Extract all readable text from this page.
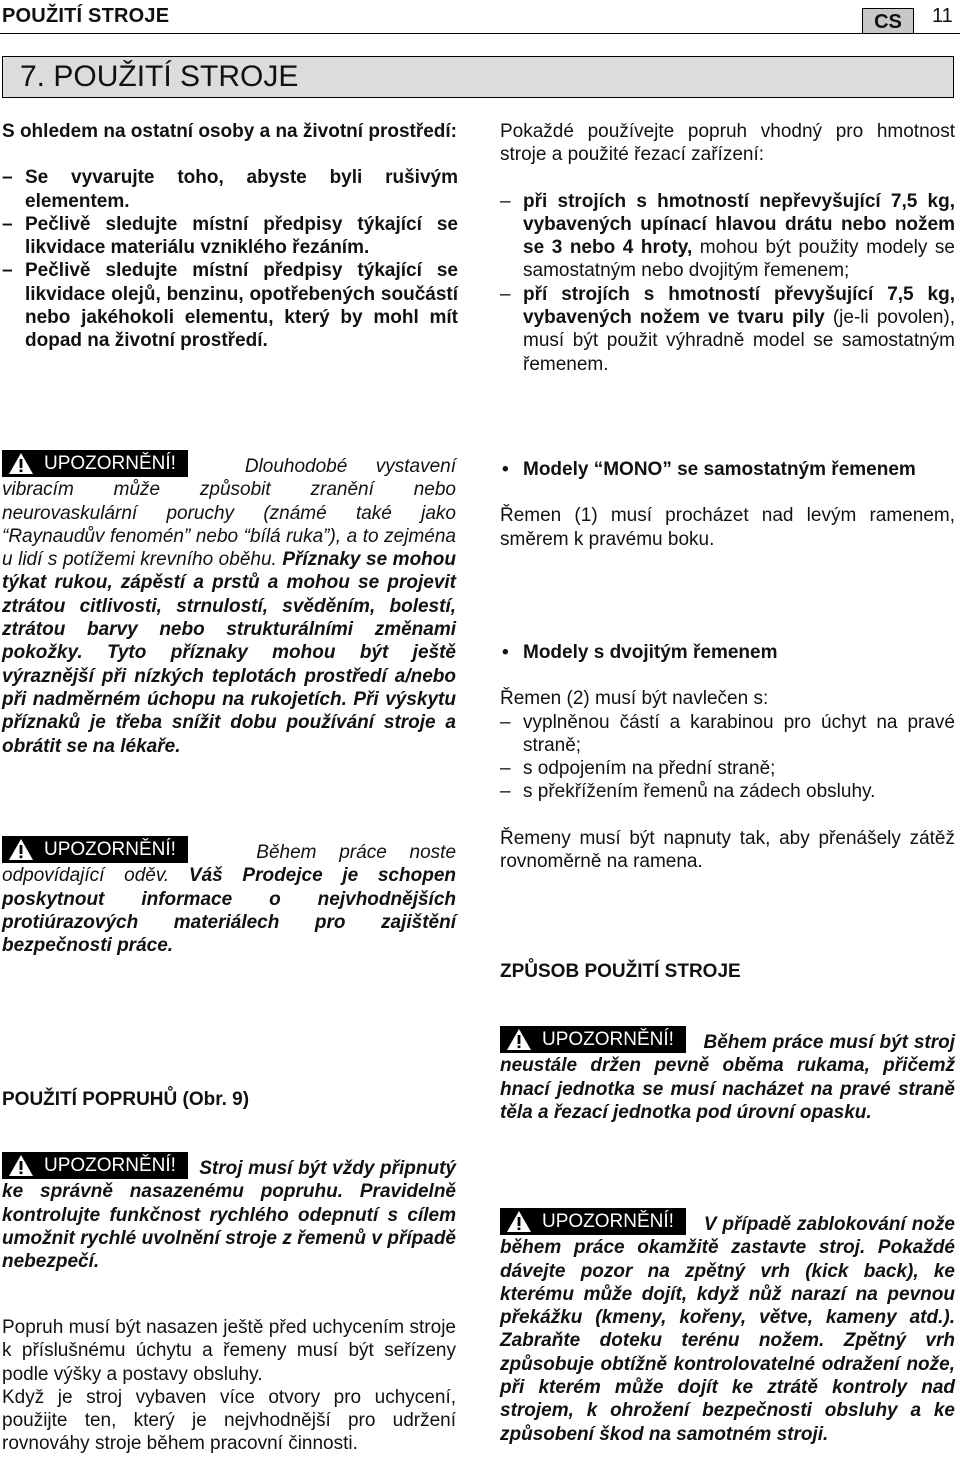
POUŽITÍ STROJE	CS	11
7. POUŽITÍ STROJE

S ohledem na ostatní osoby a na životní prostředí:

– Se vyvarujte toho, abyste byli rušivým elementem.

– Pečlivě sledujte místní předpisy týkající se likvidace materiálu vzniklého řezáním.

– Pečlivě sledujte místní předpisy týkající se likvidace olejů, benzinu, opotřebených součástí nebo jakéhokoli elementu, který by mohl mít dopad na životní prostředí.

Pokaždé používejte popruh vhodný pro hmotnost stroje a použité řezací zařízení:

– při strojích s hmotností nepřevyšující 7,5 kg, vybavených upínací hlavou drátu nebo nožem se 3 nebo 4 hroty, mohou být použity modely se samostatným nebo dvojitým řemenem;

– pří strojích s hmotností převyšující 7,5 kg, vybavených nožem ve tvaru pily (je-li povolen), musí být použit výhradně model se samostatným řemenem.

UPOZORNĚNÍ!	Dlouhodobé vystavení vibracím může způsobit zranění nebo neurovaskulární poruchy (známé také jako “Raynaudův fenomén” nebo “bílá ruka”), a to zejména u lidí s potížemi krevního oběhu. Příznaky se mohou týkat rukou, zápěstí a prstů a mohou se projevit ztrátou citlivosti, strnulostí, svěděním, bolestí, ztrátou barvy nebo strukturálními změnami pokožky. Tyto příznaky mohou být ještě výraznější při nízkých teplotách prostředí a/nebo při nadměrném úchopu na rukojetích. Při výskytu příznaků je třeba snížit dobu používání stroje a obrátit se na lékaře.
UPOZORNĚNÍ!	Během práce noste odpovídající oděv. Váš Prodejce je schopen poskytnout informace o nejvhodnějších protiúrazových materiálech pro zajištění bezpečnosti práce.
POUŽITÍ POPRUHŮ (Obr. 9)
UPOZORNĚNÍ! Stroj musí být vždy připnutý ke správně nasazenému popruhu. Pravidelně kontrolujte funkčnost rychlého odepnutí s cílem umožnit rychlé uvolnění stroje z řemenů v případě nebezpečí.

Popruh musí být nasazen ještě před uchycením stroje k příslušnému úchytu a řemeny musí být seřízeny podle výšky a postavy obsluhy.

Když je stroj vybaven více otvory pro uchycení, použijte ten, který je nejvhodnější pro udržení rovnováhy stroje během pracovní činnosti.

• Modely “MONO” se samostatným řemenem

Řemen (1) musí procházet nad levým ramenem, směrem k pravému boku.

• Modely s dvojitým řemenem

Řemen (2) musí být navlečen s:

– vyplněnou částí a karabinou pro úchyt na pravé straně;

– s odpojením na přední straně;

– s překřížením řemenů na zádech obsluhy.

Řemeny musí být napnuty tak, aby přenášely zátěž rovnoměrně na ramena.

ZPŮSOB POUŽITÍ STROJE
UPOZORNĚNÍ! Během práce musí být stroj neustále držen pevně oběma rukama, přičemž hnací jednotka se musí nacházet na pravé straně těla a řezací jednotka pod úrovní opasku.
UPOZORNĚNÍ! V případě zablokování nože během práce okamžitě zastavte stroj. Pokaždé dávejte pozor na zpětný vrh (kick back), ke kterému může dojít, když nůž narazí na pevnou překážku (kmeny, kořeny, větve, kameny atd.). Zabraňte doteku terénu nožem. Zpětný vrh způsobuje obtížně kontrolovatelné odražení nože, při kterém může dojít ke ztrátě kontroly nad strojem, k ohrožení bezpečnosti obsluhy a ke způsobení škod na samotném stroji.
